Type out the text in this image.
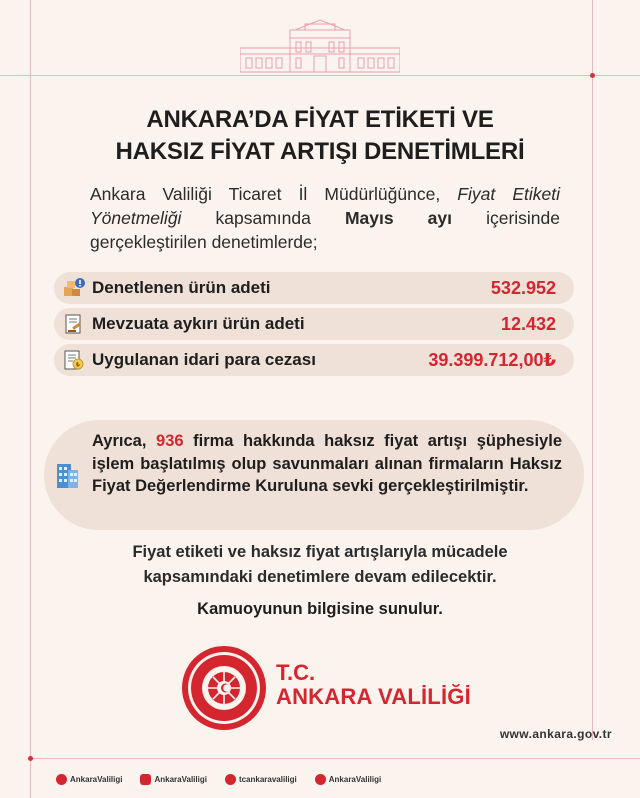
ANKARA’DA FİYAT ETİKETİ VE
HAKSIZ FİYAT ARTIŞI DENETİMLERİ

Ankara Valiliği Ticaret İl Müdürlüğünce, Fiyat Etiketi Yönetmeliği kapsamında Mayıs ayı içerisinde gerçekleştirilen denetimlerde;

Denetlenen ürün adeti	532.952
Mevzuata aykırı ürün adeti	12.432
₺ Uygulanan idari para cezası	39.399.712,00₺

Ayrıca, 936 firma hakkında haksız fiyat artışı şüphesiyle işlem başlatılmış olup savunmaları alınan firmaların Haksız Fiyat Değerlendirme Kuruluna sevki gerçekleştirilmiştir.

Fiyat etiketi ve haksız fiyat artışlarıyla mücadele
kapsamındaki denetimlere devam edilecektir.
Kamuoyunun bilgisine sunulur.
T.C.
ANKARA VALİLİĞİ
www.ankara.gov.tr
AnkaraValiligi	AnkaraValiligi	tcankaravaliligi	AnkaraValiligi
